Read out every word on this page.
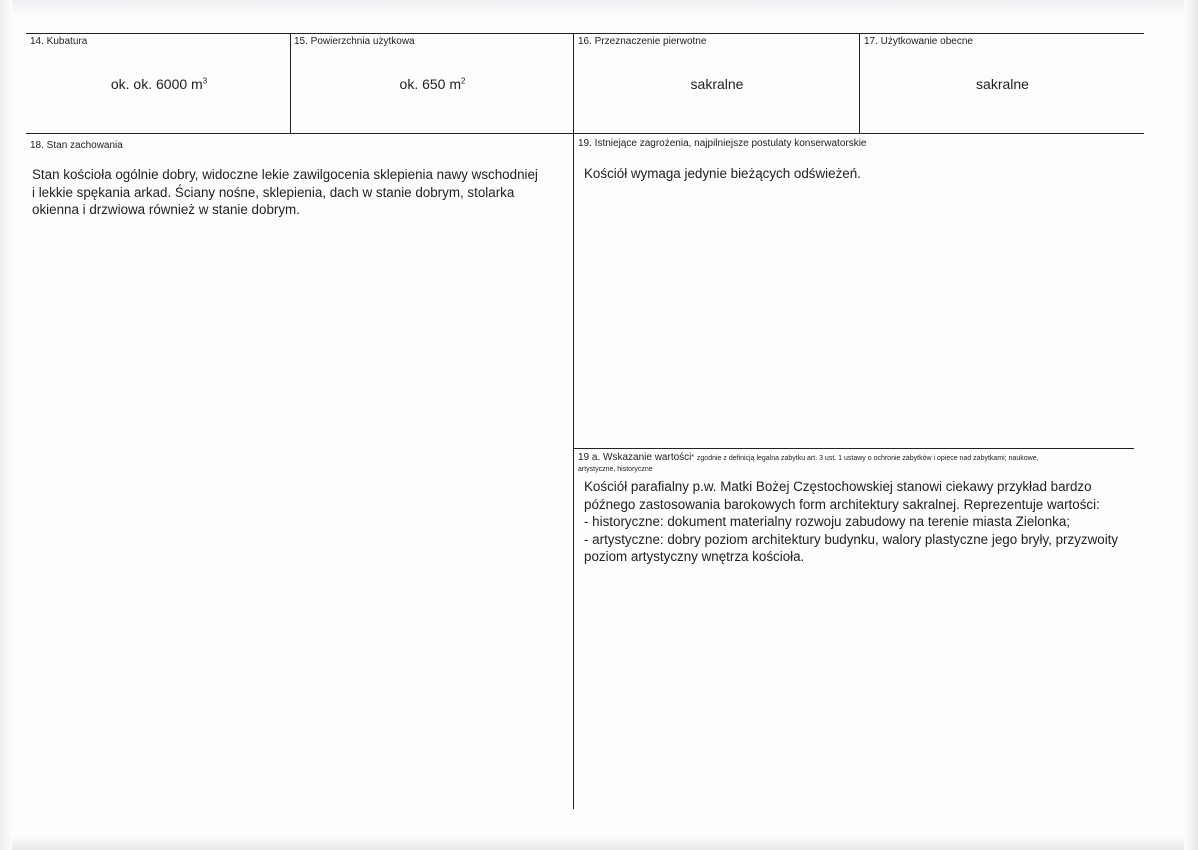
14. Kubatura
ok. ok. 6000 $m^3$
15. Powierzchnia użytkowa
ok. 650 $m^2$
16. Przeznaczenie pierwotne
sakralne
17. Użytkowanie obecne
sakralne
18. Stan zachowania
Stan kościoła ogólnie dobry, widoczne lekie zawilgocenia sklepienia nawy wschodniej
i lekkie spękania arkad. Ściany nośne, sklepienia, dach w stanie dobrym, stolarka
okienna i drzwiowa również w stanie dobrym.
19. Istniejące zagrożenia, najpilniejsze postulaty konserwatorskie
Kościół wymaga jedynie bieżących odświeżeń.
19 a. Wskazanie wartości* zgodnie z definicją legalna zabytku art. 3 ust. 1 ustawy o ochronie zabytków i opiece nad zabytkami; naukowe,
artystyczne, historyczne
Kościół parafialny p.w. Matki Bożej Częstochowskiej stanowi ciekawy przykład bardzo
późnego zastosowania barokowych form architektury sakralnej. Reprezentuje wartości:
- historyczne: dokument materialny rozwoju zabudowy na terenie miasta Zielonka;
- artystyczne: dobry poziom architektury budynku, walory plastyczne jego bryły, przyzwoity
poziom artystyczny wnętrza kościoła.
